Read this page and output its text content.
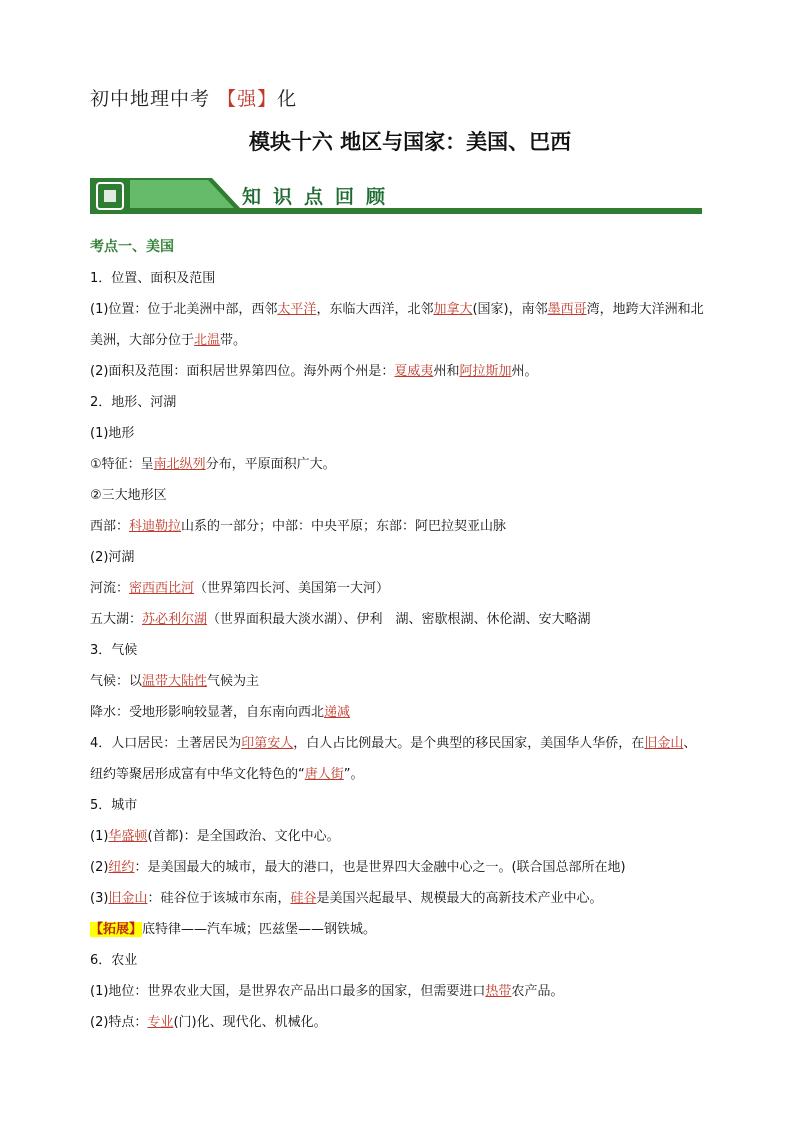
初中地理中考 【强】化
模块十六 地区与国家：美国、巴西
知识点回顾
考点一、美国
1．位置、面积及范围
(1)位置：位于北美洲中部，西邻太平洋，东临大西洋，北邻加拿大(国家)，南邻墨西哥湾，地跨大洋洲和北美洲，大部分位于北温带。
(2)面积及范围：面积居世界第四位。海外两个州是：夏威夷州和阿拉斯加州。
2．地形、河湖
(1)地形
①特征：呈南北纵列分布，平原面积广大。
②三大地形区
西部：科迪勒拉山系的一部分；中部：中央平原；东部：阿巴拉契亚山脉
(2)河湖
河流：密西西比河（世界第四长河、美国第一大河）
五大湖：苏必利尔湖（世界面积最大淡水湖）、伊利　湖、密歇根湖、休伦湖、安大略湖
3．气候
气候：以温带大陆性气候为主
降水：受地形影响较显著，自东南向西北递减
4．人口居民：土著居民为印第安人，白人占比例最大。是个典型的移民国家，美国华人华侨，在旧金山、纽约等聚居形成富有中华文化特色的“唐人街”。
5．城市
(1)华盛顿(首都)：是全国政治、文化中心。
(2)纽约：是美国最大的城市，最大的港口，也是世界四大金融中心之一。(联合国总部所在地)
(3)旧金山：硅谷位于该城市东南，硅谷是美国兴起最早、规模最大的高新技术产业中心。
【拓展】底特律——汽车城；匹兹堡——钢铁城。
6．农业
(1)地位：世界农业大国，是世界农产品出口最多的国家，但需要进口热带农产品。
(2)特点：专业(门)化、现代化、机械化。
